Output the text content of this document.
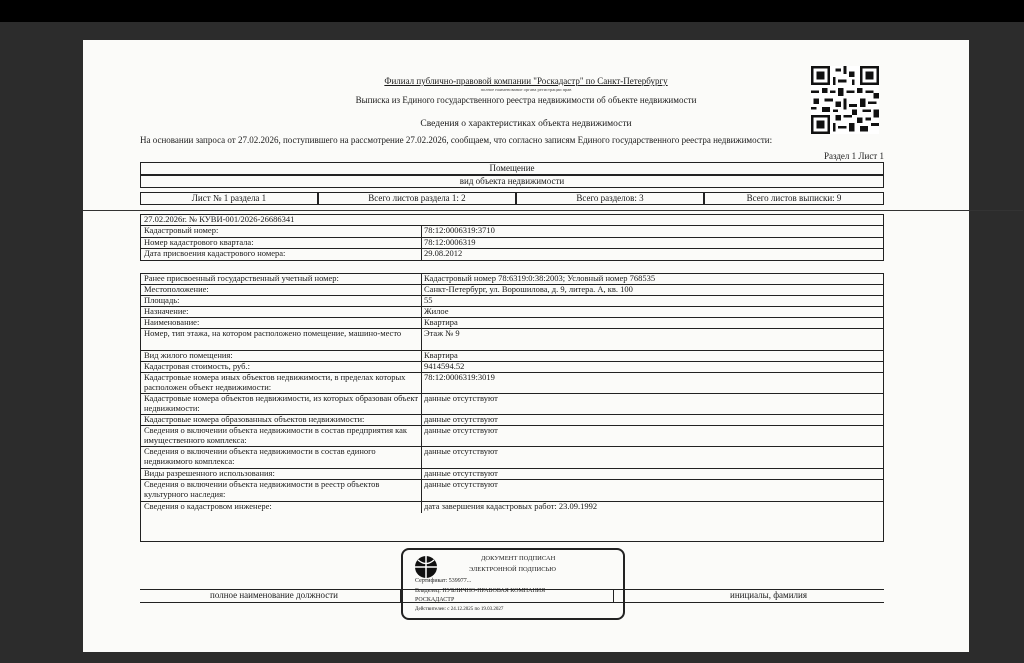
Филиал публично-правовой компании "Роскадастр" по Санкт-Петербургу
полное наименование органа регистрации прав
Выписка из Единого государственного реестра недвижимости об объекте недвижимости
Сведения о характеристиках объекта недвижимости
На основании запроса от 27.02.2026, поступившего на рассмотрение 27.02.2026, сообщаем, что согласно записям Единого государственного реестра недвижимости:
Раздел 1 Лист 1
Помещение
вид объекта недвижимости
Лист № 1 раздела 1	Всего листов раздела 1: 2	Всего разделов: 3	Всего листов выписки: 9
27.02.2026г. № КУВИ-001/2026-26686341
Кадастровый номер:	78:12:0006319:3710
Номер кадастрового квартала:	78:12:0006319
Дата присвоения кадастрового номера:	29.08.2012
Ранее присвоенный государственный учетный номер:	Кадастровый номер 78:6319:0:38:2003; Условный номер 768535
Местоположение:	Санкт-Петербург, ул. Ворошилова, д. 9, литера. А, кв. 100
Площадь:	55
Назначение:	Жилое
Наименование:	Квартира
Номер, тип этажа, на котором расположено помещение, машино-место	Этаж № 9
Вид жилого помещения:	Квартира
Кадастровая стоимость, руб.:	9414594.52
Кадастровые номера иных объектов недвижимости, в пределах которых расположен объект недвижимости:
78:12:0006319:3019
Кадастровые номера объектов недвижимости, из которых образован объект недвижимости:
данные отсутствуют
Кадастровые номера образованных объектов недвижимости:	данные отсутствуют
Сведения о включении объекта недвижимости в состав предприятия как имущественного комплекса:
данные отсутствуют
Сведения о включении объекта недвижимости в состав единого недвижимого комплекса:
данные отсутствуют
Виды разрешенного использования:	данные отсутствуют
Сведения о включении объекта недвижимости в реестр объектов культурного наследия:
данные отсутствуют
Сведения о кадастровом инженере:	дата завершения кадастровых работ: 23.09.1992
полное наименование должности	инициалы, фамилия
ДОКУМЕНТ ПОДПИСАН
ЭЛЕКТРОННОЙ ПОДПИСЬЮ
Сертификат: 539977...
Владелец: ПУБЛИЧНО-ПРАВОВАЯ КОМПАНИЯ
РОСКАДАСТР
Действителен: с 24.12.2025 по 19.03.2027
